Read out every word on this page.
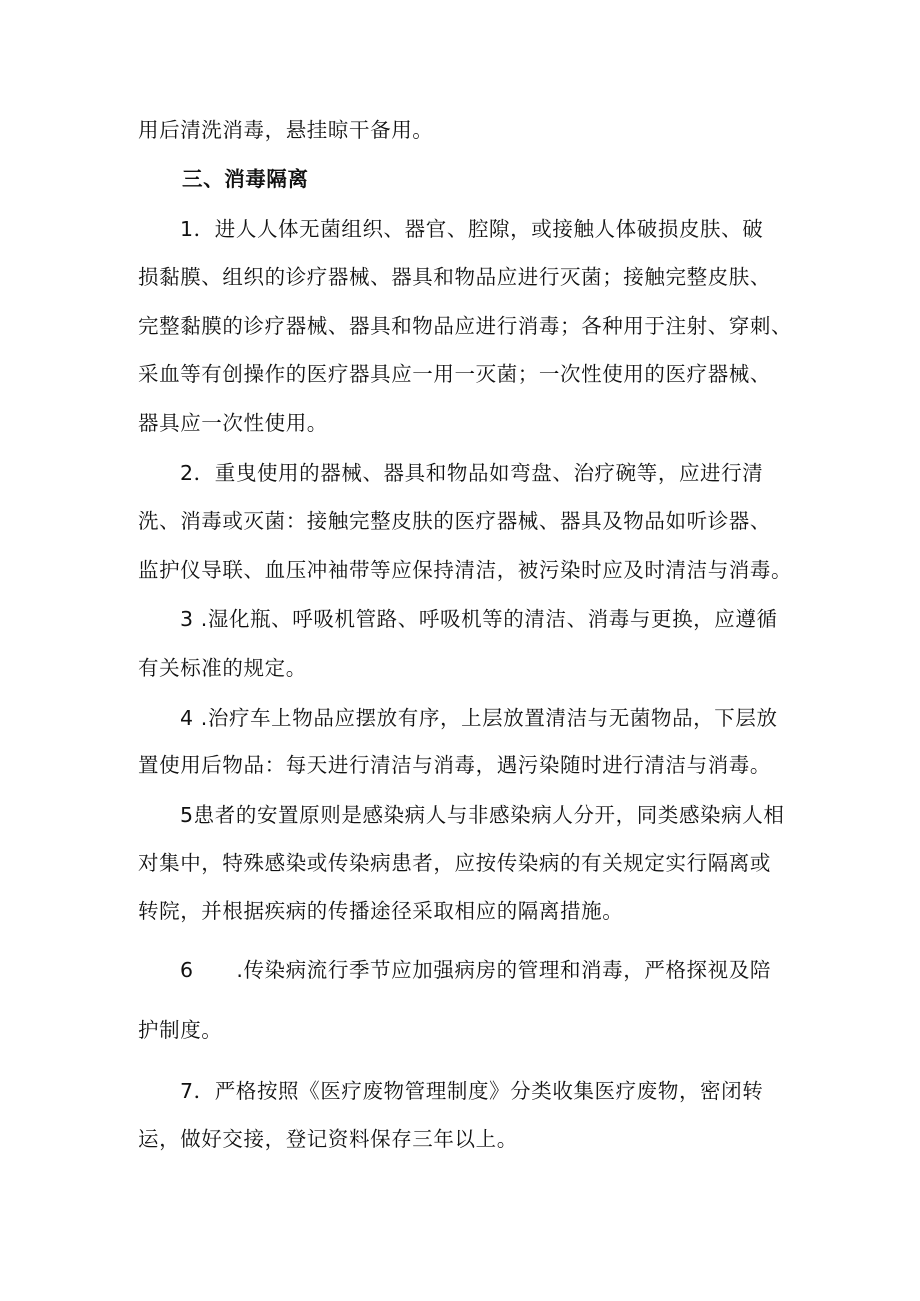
用后清洗消毒，悬挂晾干备用。
三、消毒隔离
1．进人人体无菌组织、器官、腔隙，或接触人体破损皮肤、破
损黏膜、组织的诊疗器械、器具和物品应进行灭菌；接触完整皮肤、
完整黏膜的诊疗器械、器具和物品应进行消毒；各种用于注射、穿刺、
采血等有创操作的医疗器具应一用一灭菌；一次性使用的医疗器械、
器具应一次性使用。
2．重曳使用的器械、器具和物品如弯盘、治疗碗等，应进行清
洗、消毒或灭菌：接触完整皮肤的医疗器械、器具及物品如听诊器、
监护仪导联、血压冲袖带等应保持清洁，被污染时应及时清洁与消毒。
3 .湿化瓶、呼吸机管路、呼吸机等的清洁、消毒与更换，应遵循
有关标准的规定。
4 .治疗车上物品应摆放有序，上层放置清洁与无菌物品，下层放
置使用后物品：每天进行清洁与消毒，遇污染随时进行清洁与消毒。
5患者的安置原则是感染病人与非感染病人分开，同类感染病人相
对集中，特殊感染或传染病患者，应按传染病的有关规定实行隔离或
转院，并根据疾病的传播途径采取相应的隔离措施。
6      .传染病流行季节应加强病房的管理和消毒，严格探视及陪
护制度。
7．严格按照《医疗废物管理制度》分类收集医疗废物，密闭转
运，做好交接，登记资料保存三年以上。
